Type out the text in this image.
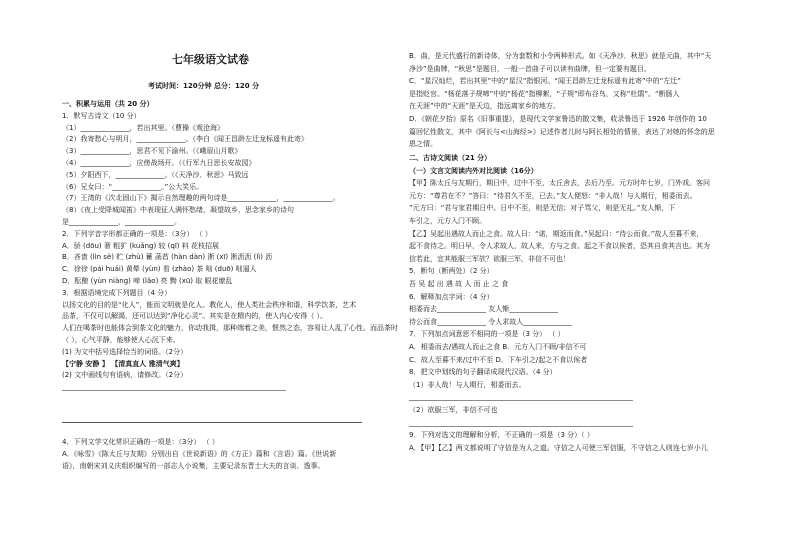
七年级语文试卷

考试时间：120分钟 总分：120 分

一、积累与运用（共 20 分）

1．默写古诗文（10 分）

（1）______________，若出其里。（曹操《观沧海》

（2）我寄愁心与明月，______________。（李白《闻王昌龄左迁龙标遥有此寄》

（3）______________，思君不见下渝州。（《峨眉山月歌》

（4）______________，应傍战场开。（《行军九日思长安故园》

（5）夕阳西下，______________。（《天净沙．秋思》马致远

（6）兄女曰：“______________。”公大笑乐。

（7）王湾的《次北固山下》揭示自然理趣的两句诗是______________，______________。

（8）《夜上受降城闻笛》中表现征人满怀愁绪，凝望故乡，思念家乡的诗句

是______________，______________。

2．下列字音字形都正确的一项是：（3分） （ ）

A．骄 (dōu) 奢 粗犷 (kuǎng) 较 (qī) 料 花枝招展

B．吝啬 (lìn sè) 贮 (zhù) 蓄 菡萏 (hàn dàn) 淅 (xī) 淅沥沥 (lì) 沥

C．徐徐 (pái huái) 黄晕 (yùn) 看 (zhào) 茶 咄 (duō) 咄逼人

D．酝酿 (yùn niàng) 啼 (lǎo) 亮 黝 (xū) 取 眼花缭乱

3．根据语境完成下列题目（4 分）

以扬文化的目的是“化人”，能而文明就是化人。教化人，使人类社会秩序和谐，科学饮茶，艺术

品茶，不仅可以解渴，还可以达到“净化心灵”。其实是在精内的，使人内心安得（ ）。

人们在喝茶时也能体会到茶文化的魅力，你动我揖，那种端着之美，惬然之态，容易让人乱了心性。而品茶时

（ ），心气平静，能够使人心沉下来。

(1) 为文中括号选择恰当的词语。（2分）

【宁静 安静 】 【清真直人 雅清气爽】

(2) 文中画线句有语病，请修改。（2分）

________________________________________________________________

4．下列文学文化常识正确的一项是：（3分） （ ）

A．《咏雪》《陈太丘与友期》分别出自《世说新语》的《方正》篇和《言语》篇。《世说新

语》，南朝宋刘义庆组织编写的一部志人小说集，主要记录东晋士大夫的言谈、逸事。

B．曲，是元代盛行的新诗体，分为套数和小令两种形式。如《天净沙．秋思》就是元曲，其中“天

净沙”是曲牌，“秋思”是题目，一般一首曲子可以读有曲牌，但一定要有题目。

C．“星汉灿烂，若出其里”中的“星汉”指银河。“闻王昌龄左迁龙标遥有此寄”中的“左迁”

是指贬官。“杨花落子规啼”中的“杨花”指柳絮，“子规”即布谷鸟，又称“杜鹃”。“断肠人

在天涯”中的“天涯”是天边，指远离家乡的地方。

D．《朝花夕拾》原名《旧事重提》，是现代文学家鲁迅的散文集，收录鲁迅于 1926 年创作的 10

篇回忆性散文，其中《阿长与<山海经>》记述作者儿时与阿长相处的情景，表达了对她的怀念的思

恩之情。

二、古诗文阅读（21 分）

（一）文言文阅读内外对比阅读（16分）

【甲】陈太丘与友期行，期日中，过中不至，太丘舍去，去后乃至。元方时年七岁，门外戏。客问

元方：“尊君在不？”答曰：“待君久不至，已去。”友人便怒：“非人哉！与人期行，相委而去。

”元方曰：“君与家君期日中。日中不至，则是无信；对子骂父，则是无礼。”友人惭，下

车引之，元方入门不顾。

【乙】吴起出遇故人而止之食。故人曰：“诺，期返而食。”吴起曰：“待公而食。”故人至暮不来，

起不食待之。明日早，令人求故人，故人来，方与之食。起之不食以俟者，恐其自食其言也。其为

信若此，宜其能服三军欤？欲服三军，非信不可也！

5．断句（断两处）（2 分）

吾 吴 起 出 遇 故 人 而 止 之 食

6．解释加点字词：（4 分）

相委而去______________ 友人惭______________

待公而食______________ 令人求故人______________

7．下列加点词意思不相同的一项是（3 分） （ ）

A．相委而去/遇故人而止之食 B．元方入门不顾/非信不可

C．故人至暮不来/过中不至 D．下车引之/起之不食以俟者

8．把文中划线的句子翻译成现代汉语。（4 分）

（1）非人哉！与人期行，相委而去。

________________________________________________________________

（2）欲服三军，非信不可也

________________________________________________________________

9．下列对选文的理解和分析，不正确的一项是（3 分）（ ）

A．【甲】【乙】两文都说明了守信是为人之道。守信之人可使三军信服，不守信之人则连七岁小儿
